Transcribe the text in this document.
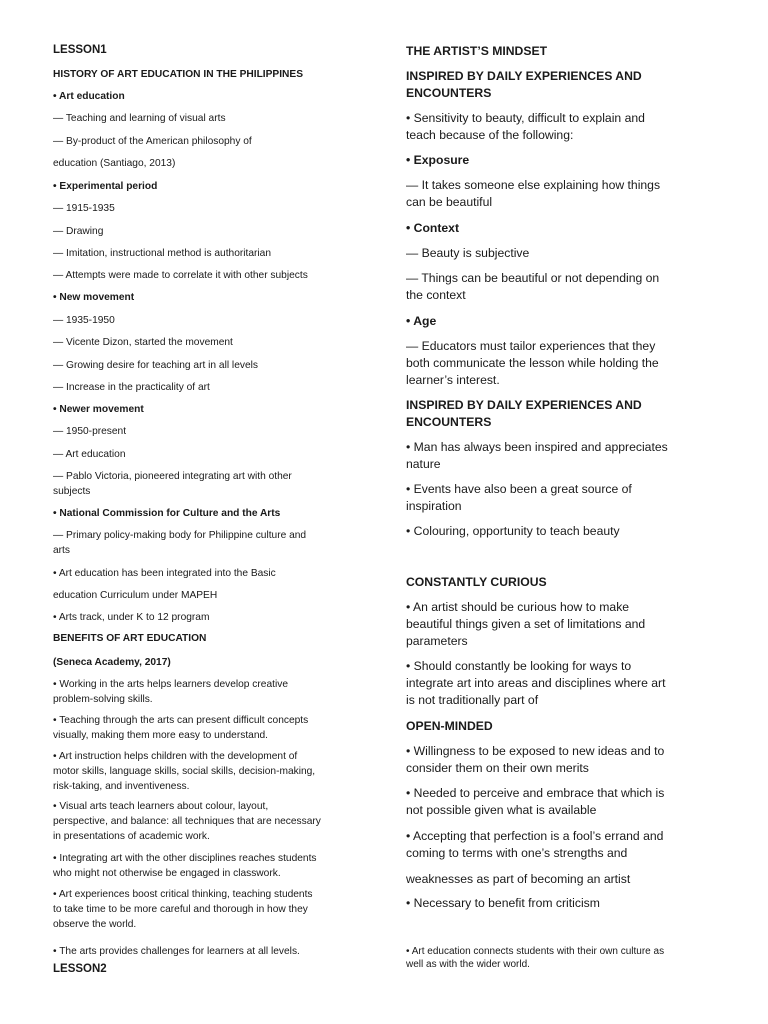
LESSON1
HISTORY OF ART EDUCATION IN THE PHILIPPINES
• Art education
— Teaching and learning of visual arts
— By-product of the American philosophy of
education (Santiago, 2013)
• Experimental period
— 1915-1935
— Drawing
— Imitation, instructional method is authoritarian
— Attempts were made to correlate it with other subjects
• New movement
— 1935-1950
— Vicente Dizon, started the movement
— Growing desire for teaching art in all levels
— Increase in the practicality of art
• Newer movement
— 1950-present
— Art education
— Pablo Victoria, pioneered integrating art with other
subjects
• National Commission for Culture and the Arts
— Primary policy-making body for Philippine culture and
arts
• Art education has been integrated into the Basic
education Curriculum under MAPEH
• Arts track, under K to 12 program
BENEFITS OF ART EDUCATION
(Seneca Academy, 2017)
• Working in the arts helps learners develop creative
problem-solving skills.
• Teaching through the arts can present difficult concepts
visually, making them more easy to understand.
• Art instruction helps children with the development of
motor skills, language skills, social skills, decision-making,
risk-taking, and inventiveness.
• Visual arts teach learners about colour, layout,
perspective, and balance: all techniques that are necessary
in presentations of academic work.
• Integrating art with the other disciplines reaches students
who might not otherwise be engaged in classwork.
• Art experiences boost critical thinking, teaching students
to take time to be more careful and thorough in how they
observe the world.
• The arts provides challenges for learners at all levels.
LESSON2
THE ARTIST’S MINDSET
INSPIRED BY DAILY EXPERIENCES AND
ENCOUNTERS
• Sensitivity to beauty, difficult to explain and
teach because of the following:
• Exposure
— It takes someone else explaining how things
can be beautiful
• Context
— Beauty is subjective
— Things can be beautiful or not depending on
the context
• Age
— Educators must tailor experiences that they
both communicate the lesson while holding the
learner’s interest.
INSPIRED BY DAILY EXPERIENCES AND
ENCOUNTERS
• Man has always been inspired and appreciates
nature
• Events have also been a great source of
inspiration
• Colouring, opportunity to teach beauty
CONSTANTLY CURIOUS
• An artist should be curious how to make
beautiful things given a set of limitations and
parameters
• Should constantly be looking for ways to
integrate art into areas and disciplines where art
is not traditionally part of
OPEN-MINDED
• Willingness to be exposed to new ideas and to
consider them on their own merits
• Needed to perceive and embrace that which is
not possible given what is available
• Accepting that perfection is a fool’s errand and
coming to terms with one’s strengths and
weaknesses as part of becoming an artist
• Necessary to benefit from criticism
• Art education connects students with their own culture as
well as with the wider world.
